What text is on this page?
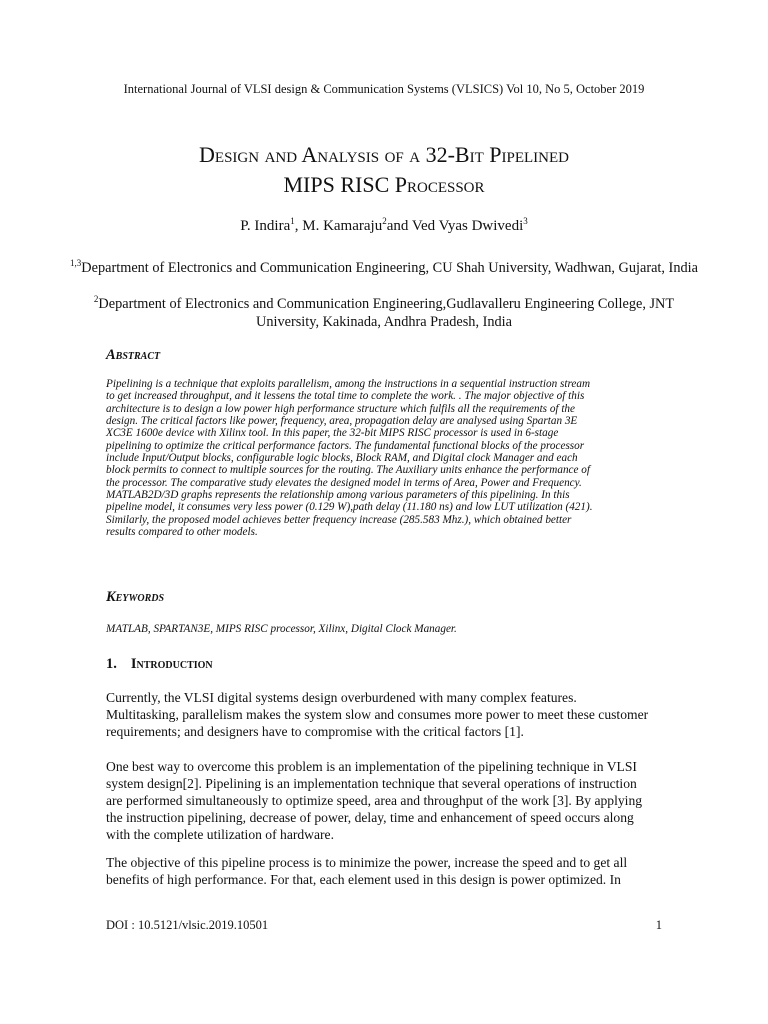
International Journal of VLSI design & Communication Systems (VLSICS) Vol 10, No 5, October 2019
Design and Analysis of a 32-Bit Pipelined
MIPS RISC Processor
P. Indira$^1$, M. Kamaraju$^2$and Ved Vyas Dwivedi$^3$
$^{1,3}$Department of Electronics and Communication Engineering, CU Shah University, Wadhwan, Gujarat, India
$^2$Department of Electronics and Communication Engineering,Gudlavalleru Engineering College, JNT University, Kakinada, Andhra Pradesh, India
Abstract
Pipelining is a technique that exploits parallelism, among the instructions in a sequential instruction stream
to get increased throughput, and it lessens the total time to complete the work. . The major objective of this
architecture is to design a low power high performance structure which fulfils all the requirements of the
design. The critical factors like power, frequency, area, propagation delay are analysed using Spartan 3E
XC3E 1600e device with Xilinx tool. In this paper, the 32-bit MIPS RISC processor is used in 6-stage
pipelining to optimize the critical performance factors. The fundamental functional blocks of the processor
include Input/Output blocks, configurable logic blocks, Block RAM, and Digital clock Manager and each
block permits to connect to multiple sources for the routing. The Auxiliary units enhance the performance of
the processor. The comparative study elevates the designed model in terms of Area, Power and Frequency.
MATLAB2D/3D graphs represents the relationship among various parameters of this pipelining. In this
pipeline model, it consumes very less power (0.129 W),path delay (11.180 ns) and low LUT utilization (421).
Similarly, the proposed model achieves better frequency increase (285.583 Mhz.), which obtained better
results compared to other models.
Keywords
MATLAB, SPARTAN3E, MIPS RISC processor, Xilinx, Digital Clock Manager.
1. Introduction
Currently, the VLSI digital systems design overburdened with many complex features.
Multitasking, parallelism makes the system slow and consumes more power to meet these customer
requirements; and designers have to compromise with the critical factors [1].
One best way to overcome this problem is an implementation of the pipelining technique in VLSI
system design[2]. Pipelining is an implementation technique that several operations of instruction
are performed simultaneously to optimize speed, area and throughput of the work [3]. By applying
the instruction pipelining, decrease of power, delay, time and enhancement of speed occurs along
with the complete utilization of hardware.
The objective of this pipeline process is to minimize the power, increase the speed and to get all
benefits of high performance. For that, each element used in this design is power optimized. In
DOI : 10.5121/vlsic.2019.10501	1
